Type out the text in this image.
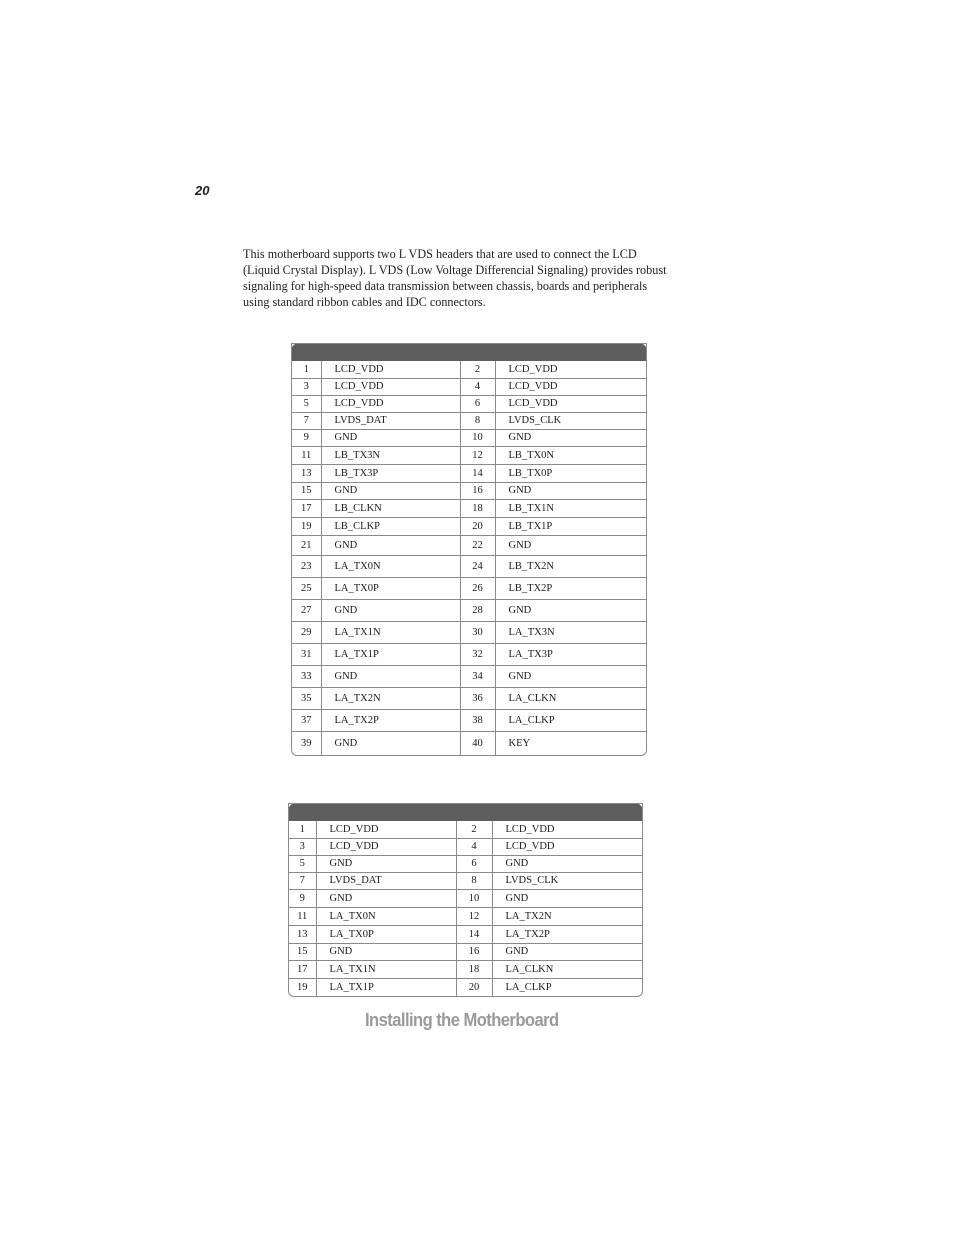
20

This motherboard supports two L VDS headers that are used to connect the LCD

(Liquid Crystal Display). L VDS (Low Voltage Differencial Signaling) provides robust

signaling for high-speed data transmission between chassis, boards and peripherals

using standard ribbon cables and IDC connectors.

1	LCD_VDD	2	LCD_VDD
3	LCD_VDD	4	LCD_VDD
5	LCD_VDD	6	LCD_VDD
7	LVDS_DAT	8	LVDS_CLK
9	GND	10	GND
11	LB_TX3N	12	LB_TX0N
13	LB_TX3P	14	LB_TX0P
15	GND	16	GND
17	LB_CLKN	18	LB_TX1N
19	LB_CLKP	20	LB_TX1P
21	GND	22	GND
23	LA_TX0N	24	LB_TX2N
25	LA_TX0P	26	LB_TX2P
27	GND	28	GND
29	LA_TX1N	30	LA_TX3N
31	LA_TX1P	32	LA_TX3P
33	GND	34	GND
35	LA_TX2N	36	LA_CLKN
37	LA_TX2P	38	LA_CLKP
39	GND	40	KEY
1	LCD_VDD	2	LCD_VDD
3	LCD_VDD	4	LCD_VDD
5	GND	6	GND
7	LVDS_DAT	8	LVDS_CLK
9	GND	10	GND
11	LA_TX0N	12	LA_TX2N
13	LA_TX0P	14	LA_TX2P
15	GND	16	GND
17	LA_TX1N	18	LA_CLKN
19	LA_TX1P	20	LA_CLKP
Installing the Motherboard
